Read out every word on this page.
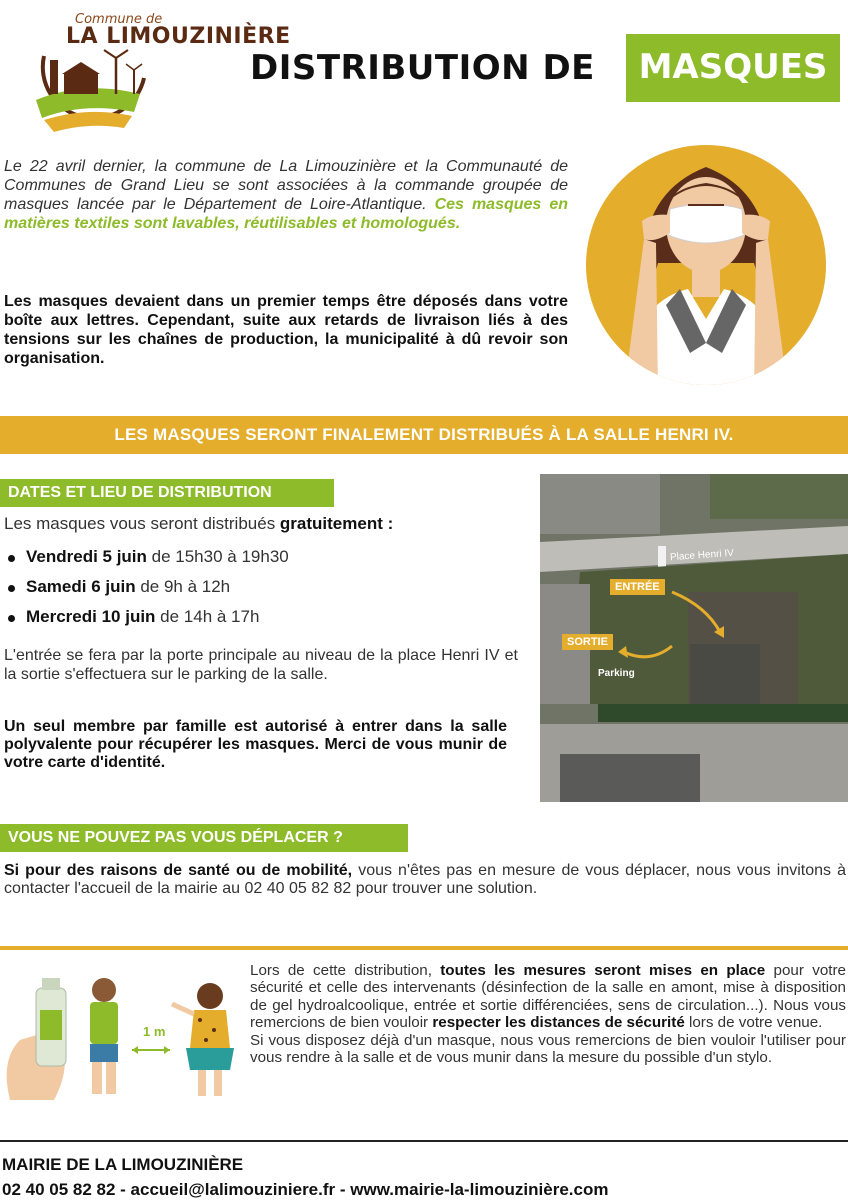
Commune de
LA LIMOUZINIÈRE
DISTRIBUTION DE	MASQUES

Le 22 avril dernier, la commune de La Limouzinière et la Communauté de Communes de Grand Lieu se sont associées à la commande groupée de masques lancée par le Département de Loire-Atlantique. Ces masques en matières textiles sont lavables, réutilisables et homologués.

Les masques devaient dans un premier temps être déposés dans votre boîte aux lettres. Cependant, suite aux retards de livraison liés à des tensions sur les chaînes de production, la municipalité à dû revoir son organisation.

LES MASQUES SERONT FINALEMENT DISTRIBUÉS À LA SALLE HENRI IV.
DATES ET LIEU DE DISTRIBUTION
Les masques vous seront distribués gratuitement :
Vendredi 5 juin de 15h30 à 19h30
Samedi 6 juin de 9h à 12h
Mercredi 10 juin de 14h à 17h

L'entrée se fera par la porte principale au niveau de la place Henri IV et la sortie s'effectuera sur le parking de la salle.

Un seul membre par famille est autorisé à entrer dans la salle polyvalente pour récupérer les masques. Merci de vous munir de votre carte d'identité.

ENTRÉE
SORTIE
Place Henri IV
Parking
VOUS NE POUVEZ PAS VOUS DÉPLACER ?

Si pour des raisons de santé ou de mobilité, vous n'êtes pas en mesure de vous déplacer, nous vous invitons à contacter l'accueil de la mairie au 02 40 05 82 82 pour trouver une solution.

1 m

Lors de cette distribution, toutes les mesures seront mises en place pour votre sécurité et celle des intervenants (désinfection de la salle en amont, mise à disposition de gel hydroalcoolique, entrée et sortie différenciées, sens de circulation...). Nous vous remercions de bien vouloir respecter les distances de sécurité lors de votre venue.
Si vous disposez déjà d'un masque, nous vous remercions de bien vouloir l'utiliser pour vous rendre à la salle et de vous munir dans la mesure du possible d'un stylo.

MAIRIE DE LA LIMOUZINIÈRE
02 40 05 82 82 - accueil@lalimouziniere.fr - www.mairie-la-limouzinière.com
